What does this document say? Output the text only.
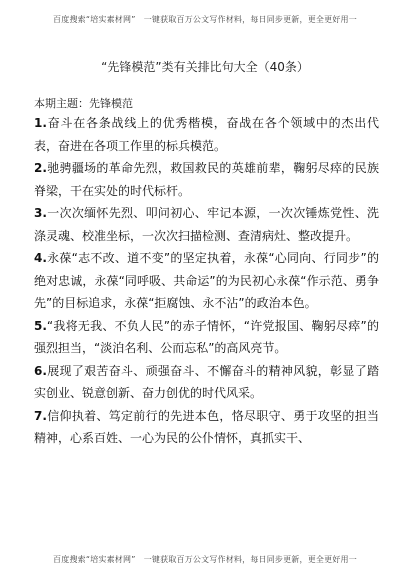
百度搜索“培实素材网”　一键获取百万公文写作材料，每日同步更新，更全更好用一
“先锋模范”类有关排比句大全（40条）
本期主题：先锋模范

1.奋斗在各条战线上的优秀楷模，奋战在各个领域中的杰出代表，奋进在各项工作里的标兵模范。

2.驰骋疆场的革命先烈，救国救民的英雄前辈，鞠躬尽瘁的民族脊梁，干在实处的时代标杆。

3.一次次缅怀先烈、叩问初心、牢记本源，一次次锤炼党性、洗涤灵魂、校准坐标，一次次扫描检测、查清病灶、整改提升。

4.永葆“志不改、道不变”的坚定执着，永葆“心同向、行同步”的绝对忠诚，永葆“同呼吸、共命运”的为民初心永葆“作示范、勇争先”的目标追求，永葆“拒腐蚀、永不沾”的政治本色。

5.“我将无我、不负人民”的赤子情怀，“许党报国、鞠躬尽瘁”的强烈担当，“淡泊名利、公而忘私”的高风亮节。

6.展现了艰苦奋斗、顽强奋斗、不懈奋斗的精神风貌，彰显了踏实创业、锐意创新、奋力创优的时代风采。

7.信仰执着、笃定前行的先进本色，恪尽职守、勇于攻坚的担当精神，心系百姓、一心为民的公仆情怀，真抓实干、

百度搜索“培实素材网”　一键获取百万公文写作材料，每日同步更新，更全更好用一
